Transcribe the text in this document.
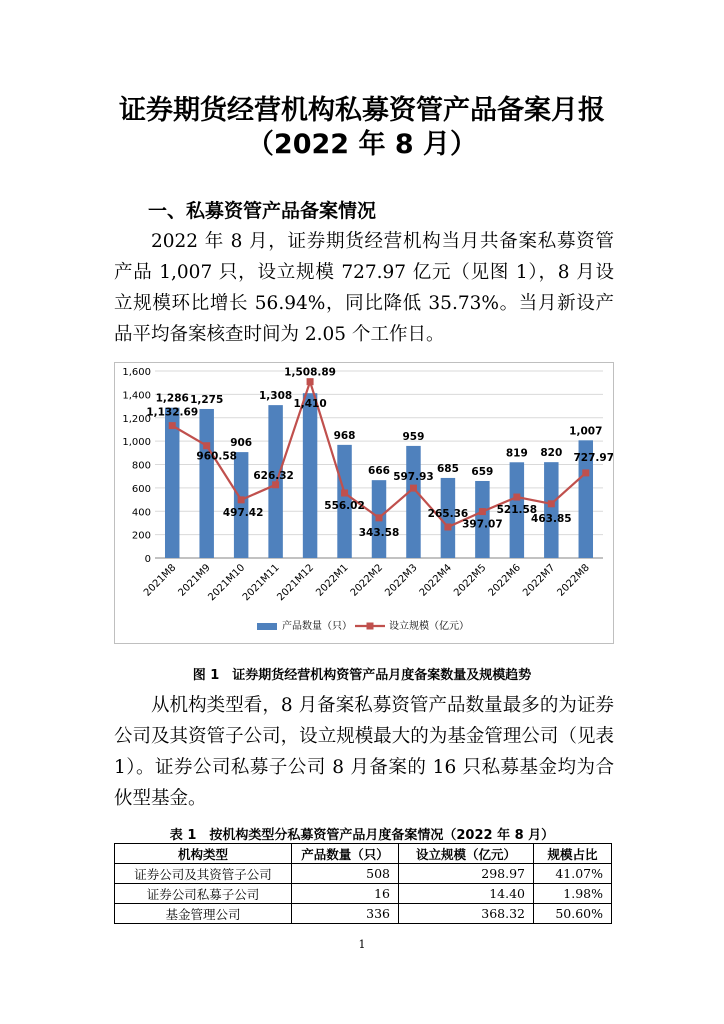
证券期货经营机构私募资管产品备案月报
（2022 年 8 月）
一、私募资管产品备案情况

2022 年 8 月，证券期货经营机构当月共备案私募资管产品 1,007 只，设立规模 727.97 亿元（见图 1），8 月设立规模环比增长 56.94%，同比降低 35.73%。当月新设产品平均备案核查时间为 2.05 个工作日。

0
200
400
600
800
1,000
1,200
1,400
1,600
2021M8
2021M9
2021M10
2021M11
2021M12
2022M1
2022M2
2022M3
2022M4
2022M5
2022M6
2022M7
2022M8
1,286 1,275
906
1,308
1,410
968
666
959
685 659
819 820
1,007
1,132.69
960.58
497.42
626.32
1,508.89
556.02
343.58
597.93
265.36
397.07
521.58
463.85
727.97
产品数量（只）	设立规模（亿元）
图 1　证券期货经营机构资管产品月度备案数量及规模趋势

从机构类型看，8 月备案私募资管产品数量最多的为证券公司及其资管子公司，设立规模最大的为基金管理公司（见表 1）。证券公司私募子公司 8 月备案的 16 只私募基金均为合伙型基金。

表 1　按机构类型分私募资管产品月度备案情况（2022 年 8 月）
机构类型	产品数量（只）	设立规模（亿元）	规模占比
证券公司及其资管子公司	508	298.97	41.07%
证券公司私募子公司	16	14.40	1.98%
基金管理公司	336	368.32	50.60%
1
